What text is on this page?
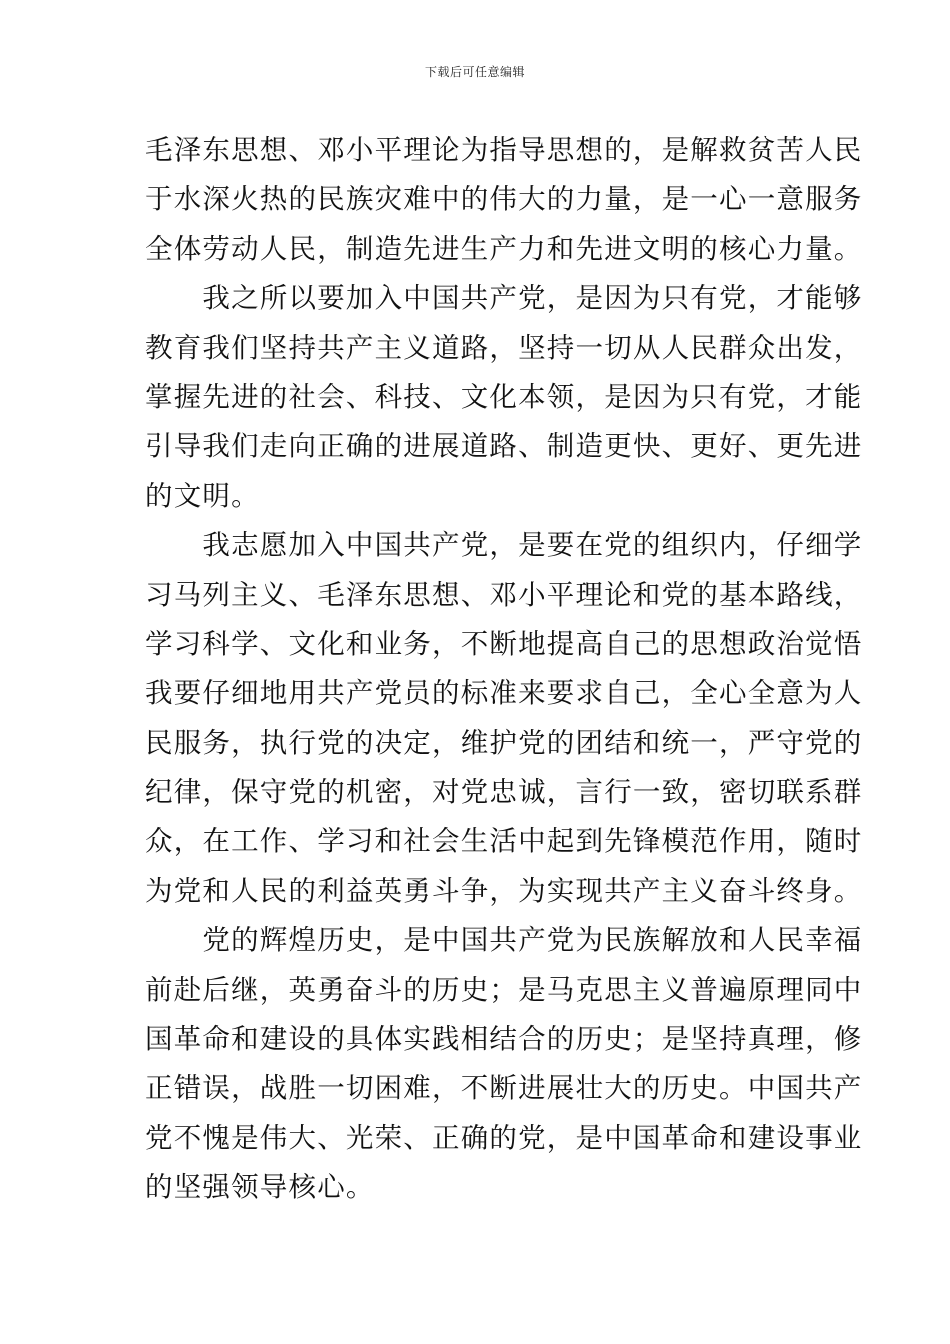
下载后可任意编辑
毛泽东思想、邓小平理论为指导思想的，是解救贫苦人民
于水深火热的民族灾难中的伟大的力量，是一心一意服务
全体劳动人民，制造先进生产力和先进文明的核心力量。
　　我之所以要加入中国共产党，是因为只有党，才能够
教育我们坚持共产主义道路，坚持一切从人民群众出发，
掌握先进的社会、科技、文化本领，是因为只有党，才能
引导我们走向正确的进展道路、制造更快、更好、更先进
的文明。
　　我志愿加入中国共产党，是要在党的组织内，仔细学
习马列主义、毛泽东思想、邓小平理论和党的基本路线，
学习科学、文化和业务，不断地提高自己的思想政治觉悟
我要仔细地用共产党员的标准来要求自己，全心全意为人
民服务，执行党的决定，维护党的团结和统一，严守党的
纪律，保守党的机密，对党忠诚，言行一致，密切联系群
众，在工作、学习和社会生活中起到先锋模范作用，随时
为党和人民的利益英勇斗争，为实现共产主义奋斗终身。
　　党的辉煌历史，是中国共产党为民族解放和人民幸福
前赴后继，英勇奋斗的历史；是马克思主义普遍原理同中
国革命和建设的具体实践相结合的历史；是坚持真理，修
正错误，战胜一切困难，不断进展壮大的历史。中国共产
党不愧是伟大、光荣、正确的党，是中国革命和建设事业
的坚强领导核心。
